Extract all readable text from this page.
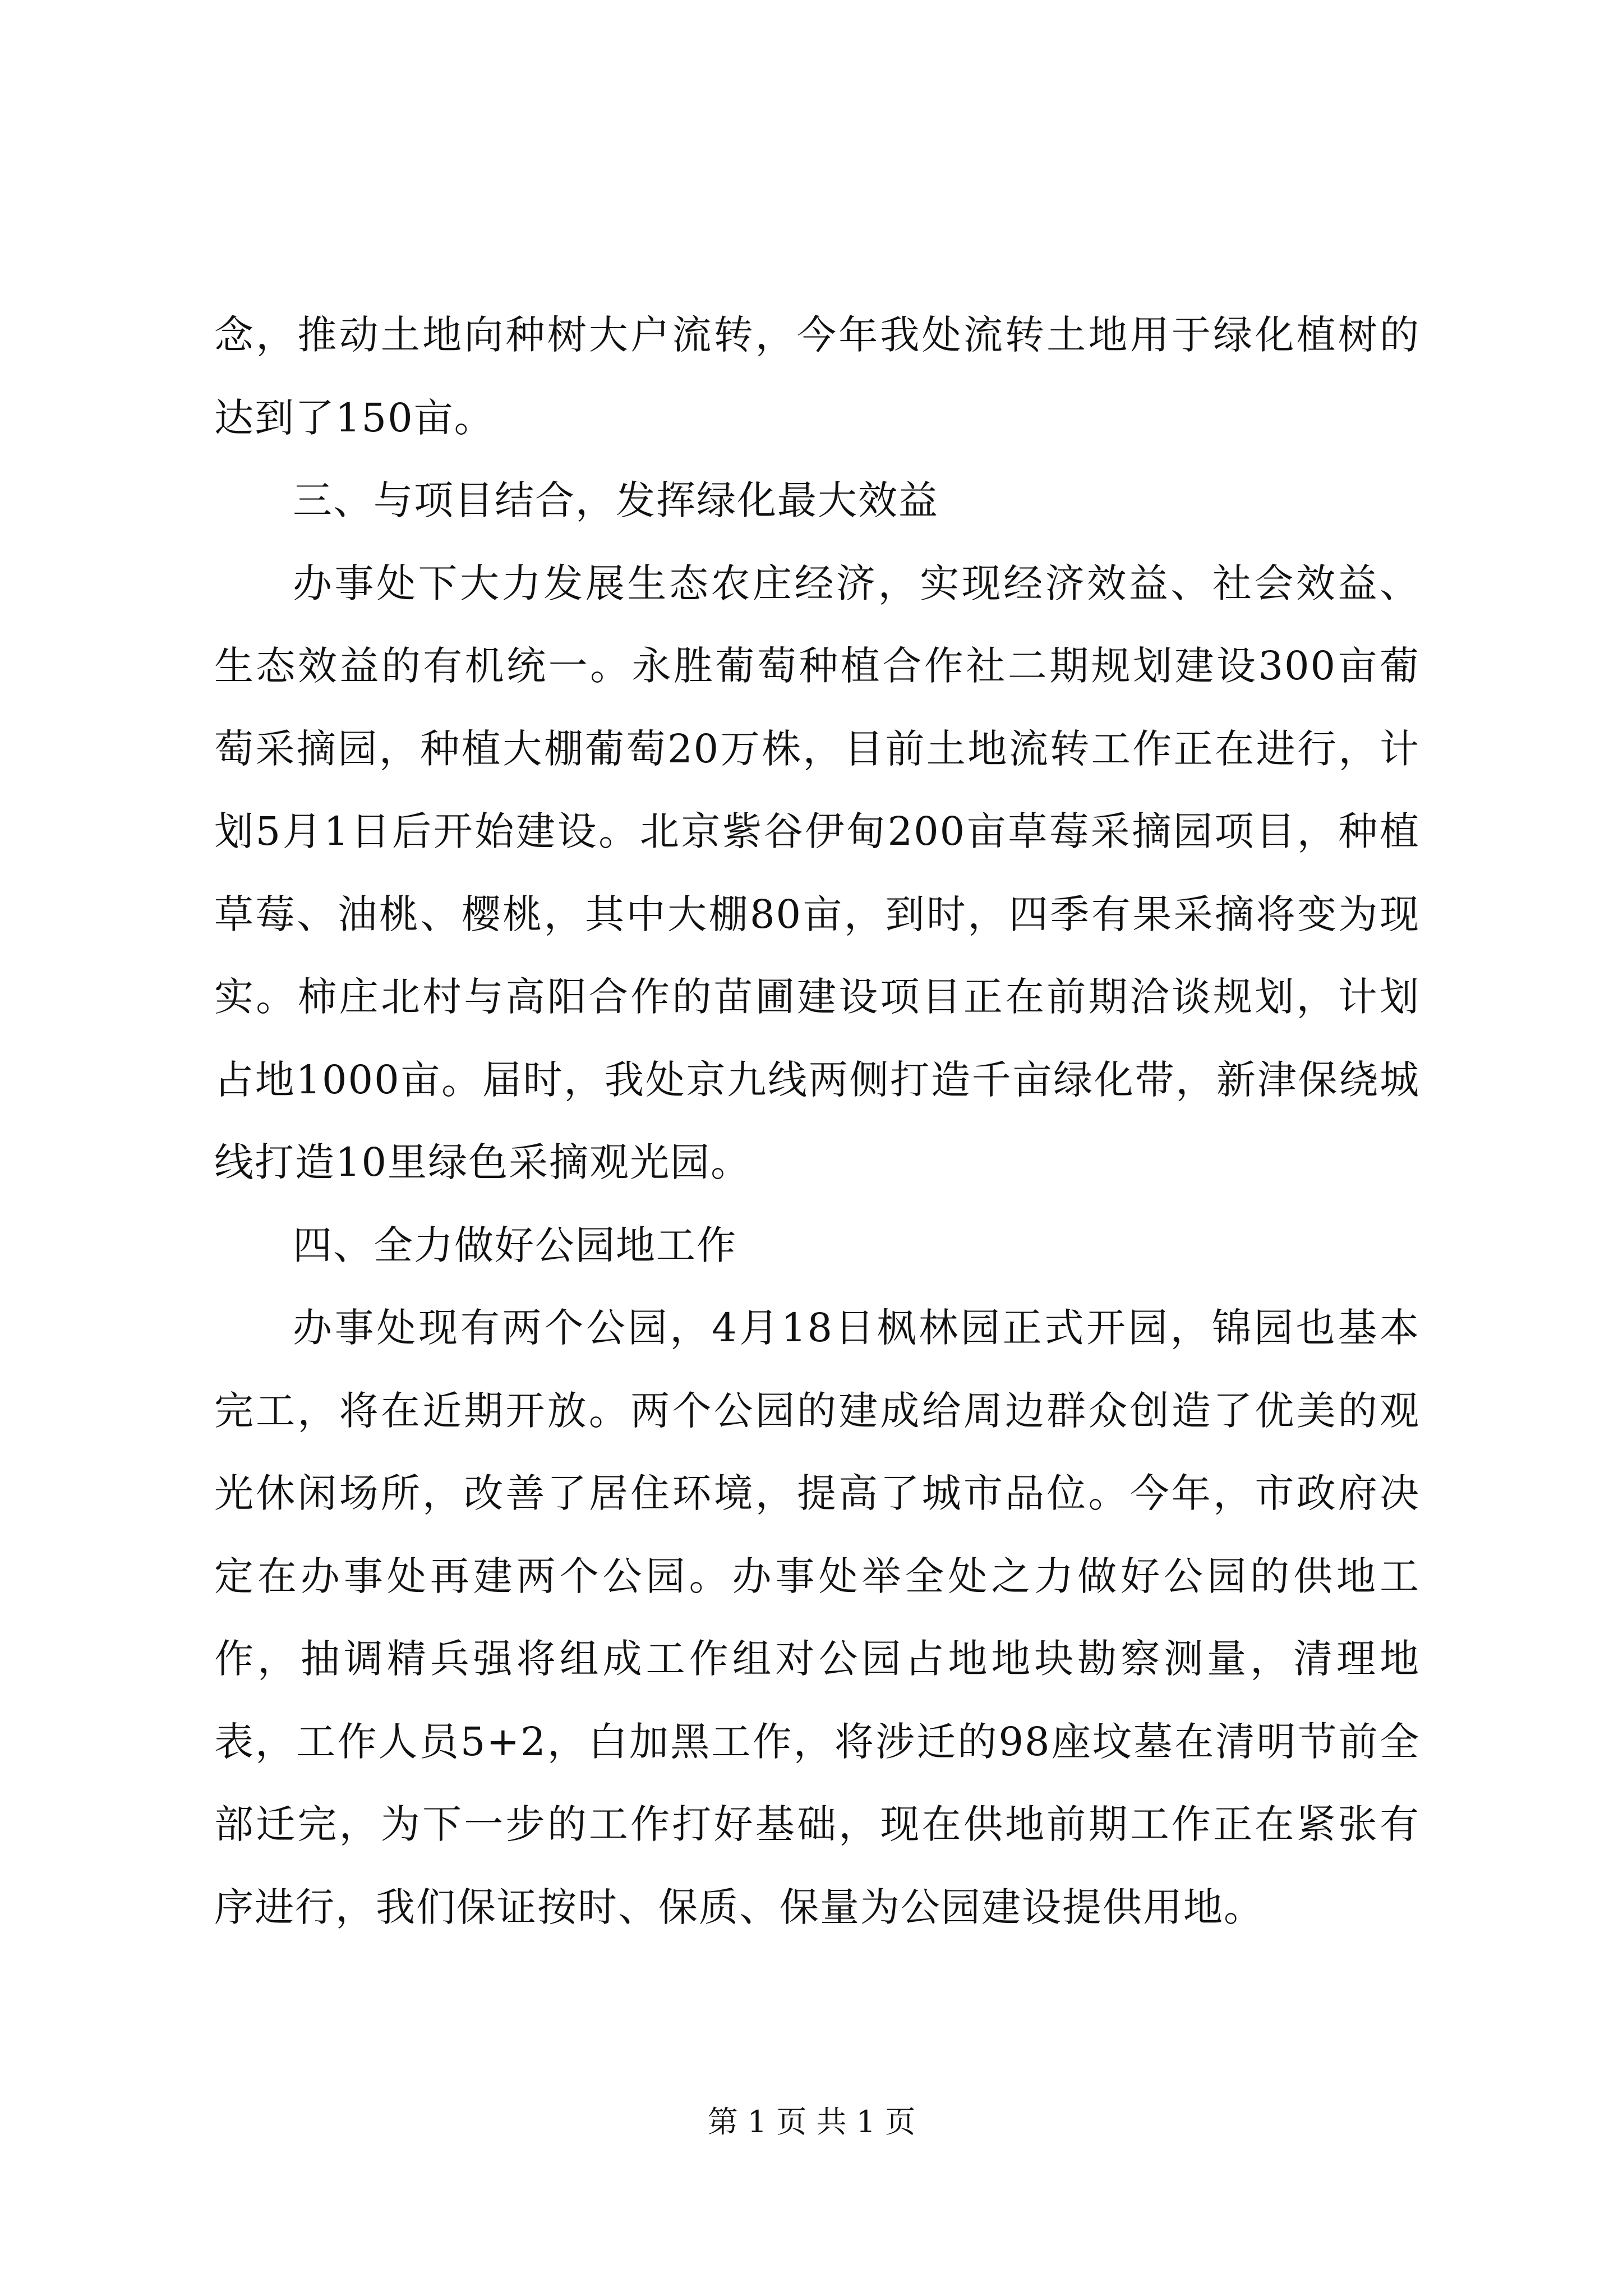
念，推动土地向种树大户流转，今年我处流转土地用于绿化植树的达到了150亩。

三、与项目结合，发挥绿化最大效益

办事处下大力发展生态农庄经济，实现经济效益、社会效益、生态效益的有机统一。永胜葡萄种植合作社二期规划建设300亩葡萄采摘园，种植大棚葡萄20万株，目前土地流转工作正在进行，计划5月1日后开始建设。北京紫谷伊甸200亩草莓采摘园项目，种植草莓、油桃、樱桃，其中大棚80亩，到时，四季有果采摘将变为现实。柿庄北村与高阳合作的苗圃建设项目正在前期洽谈规划，计划占地1000亩。届时，我处京九线两侧打造千亩绿化带，新津保绕城线打造10里绿色采摘观光园。

四、全力做好公园地工作

办事处现有两个公园，4月18日枫林园正式开园，锦园也基本完工，将在近期开放。两个公园的建成给周边群众创造了优美的观光休闲场所，改善了居住环境，提高了城市品位。今年，市政府决定在办事处再建两个公园。办事处举全处之力做好公园的供地工作，抽调精兵强将组成工作组对公园占地地块勘察测量，清理地表，工作人员5+2，白加黑工作，将涉迁的98座坟墓在清明节前全部迁完，为下一步的工作打好基础，现在供地前期工作正在紧张有序进行，我们保证按时、保质、保量为公园建设提供用地。

第 1 页 共 1 页
